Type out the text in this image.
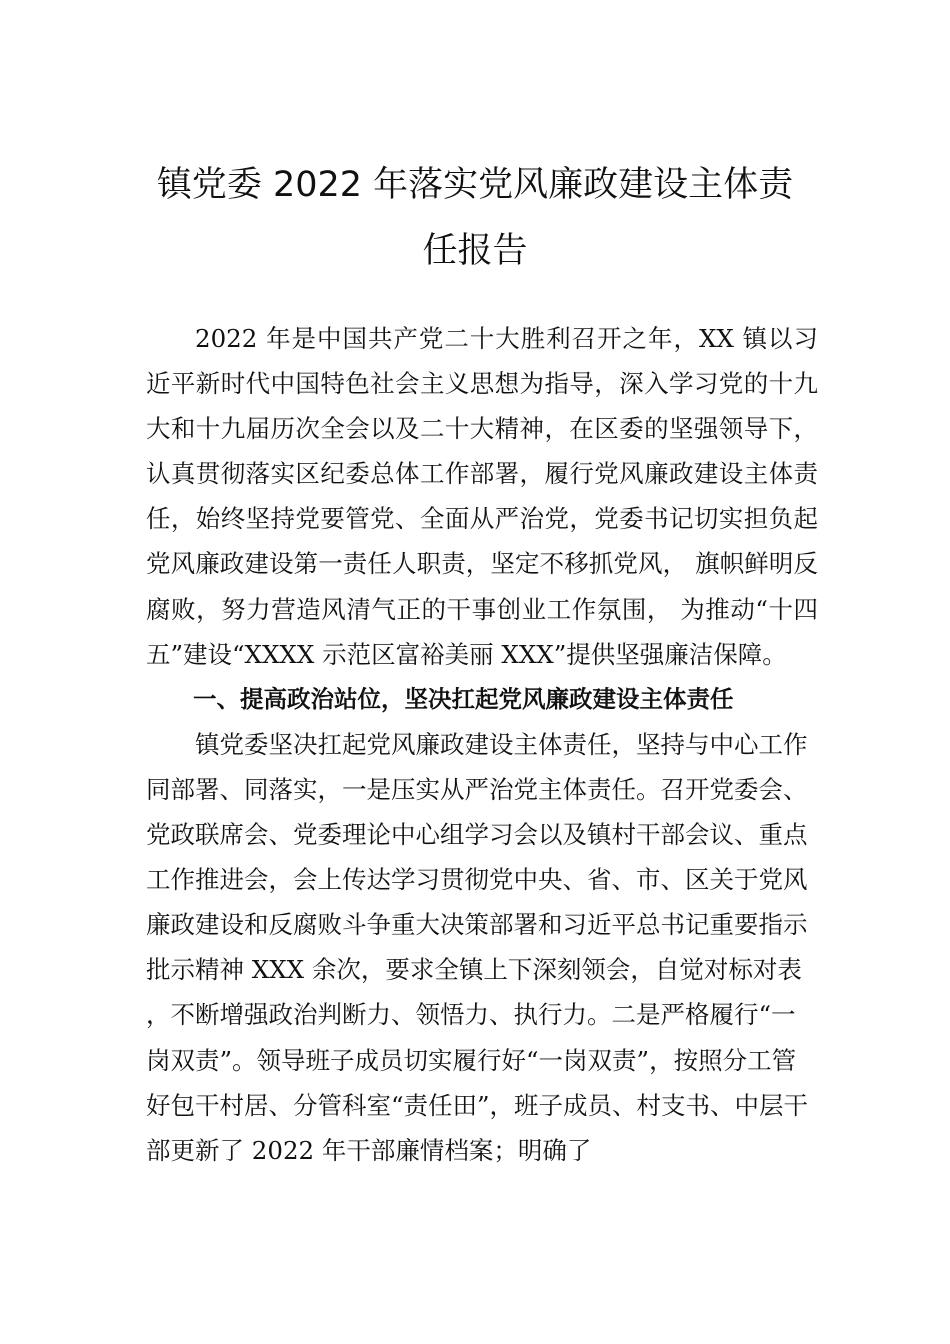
镇党委 2022 年落实党风廉政建设主体责任报告

2022 年是中国共产党二十大胜利召开之年，XX 镇以习近平新时代中国特色社会主义思想为指导，深入学习党的十九大和十九届历次全会以及二十大精神，在区委的坚强领导下，认真贯彻落实区纪委总体工作部署，履行党风廉政建设主体责任，始终坚持党要管党、全面从严治党，党委书记切实担负起党风廉政建设第一责任人职责，坚定不移抓党风， 旗帜鲜明反腐败，努力营造风清气正的干事创业工作氛围， 为推动“十四五”建设“XXXX 示范区富裕美丽 XXX”提供坚强廉洁保障。

一、提高政治站位，坚决扛起党风廉政建设主体责任

镇党委坚决扛起党风廉政建设主体责任，坚持与中心工作同部署、同落实，一是压实从严治党主体责任。召开党委会、党政联席会、党委理论中心组学习会以及镇村干部会议、重点工作推进会，会上传达学习贯彻党中央、省、市、区关于党风廉政建设和反腐败斗争重大决策部署和习近平总书记重要指示批示精神 XXX 余次，要求全镇上下深刻领会，自觉对标对表，不断增强政治判断力、领悟力、执行力。二是严格履行“一岗双责”。领导班子成员切实履行好“一岗双责”，按照分工管好包干村居、分管科室“责任田”，班子成员、村支书、中层干部更新了 2022 年干部廉情档案；明确了
